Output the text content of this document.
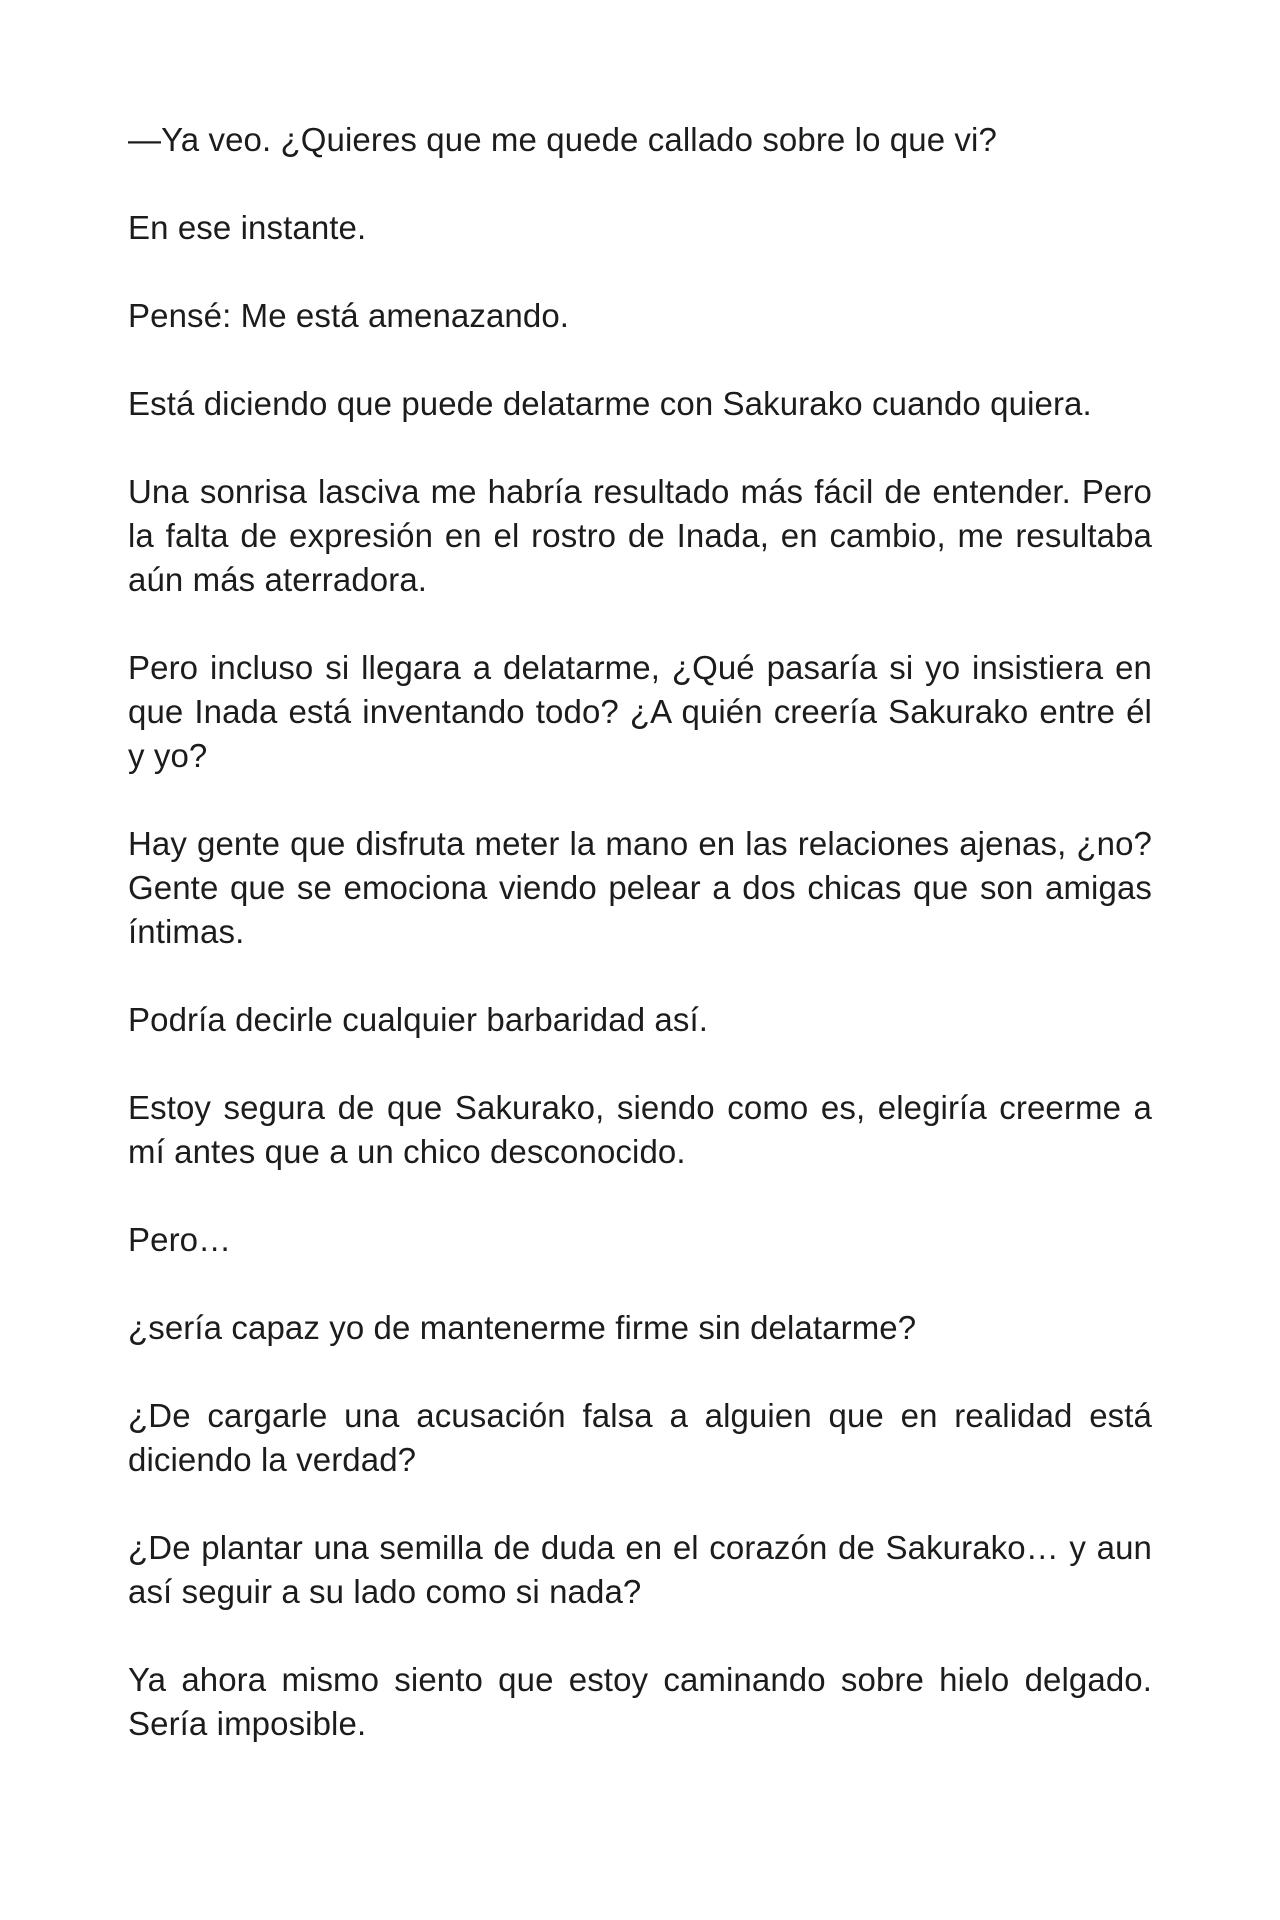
—Ya veo. ¿Quieres que me quede callado sobre lo que vi?

En ese instante.

Pensé: Me está amenazando.

Está diciendo que puede delatarme con Sakurako cuando quiera.

Una sonrisa lasciva me habría resultado más fácil de entender. Pero la falta de expresión en el rostro de Inada, en cambio, me resultaba aún más aterradora.

Pero incluso si llegara a delatarme, ¿Qué pasaría si yo insistiera en que Inada está inventando todo? ¿A quién creería Sakurako entre él y yo?

Hay gente que disfruta meter la mano en las relaciones ajenas, ¿no? Gente que se emociona viendo pelear a dos chicas que son amigas íntimas.

Podría decirle cualquier barbaridad así.

Estoy segura de que Sakurako, siendo como es, elegiría creerme a mí antes que a un chico desconocido.

Pero…

¿sería capaz yo de mantenerme firme sin delatarme?

¿De cargarle una acusación falsa a alguien que en realidad está diciendo la verdad?

¿De plantar una semilla de duda en el corazón de Sakurako… y aun así seguir a su lado como si nada?

Ya ahora mismo siento que estoy caminando sobre hielo delgado. Sería imposible.
